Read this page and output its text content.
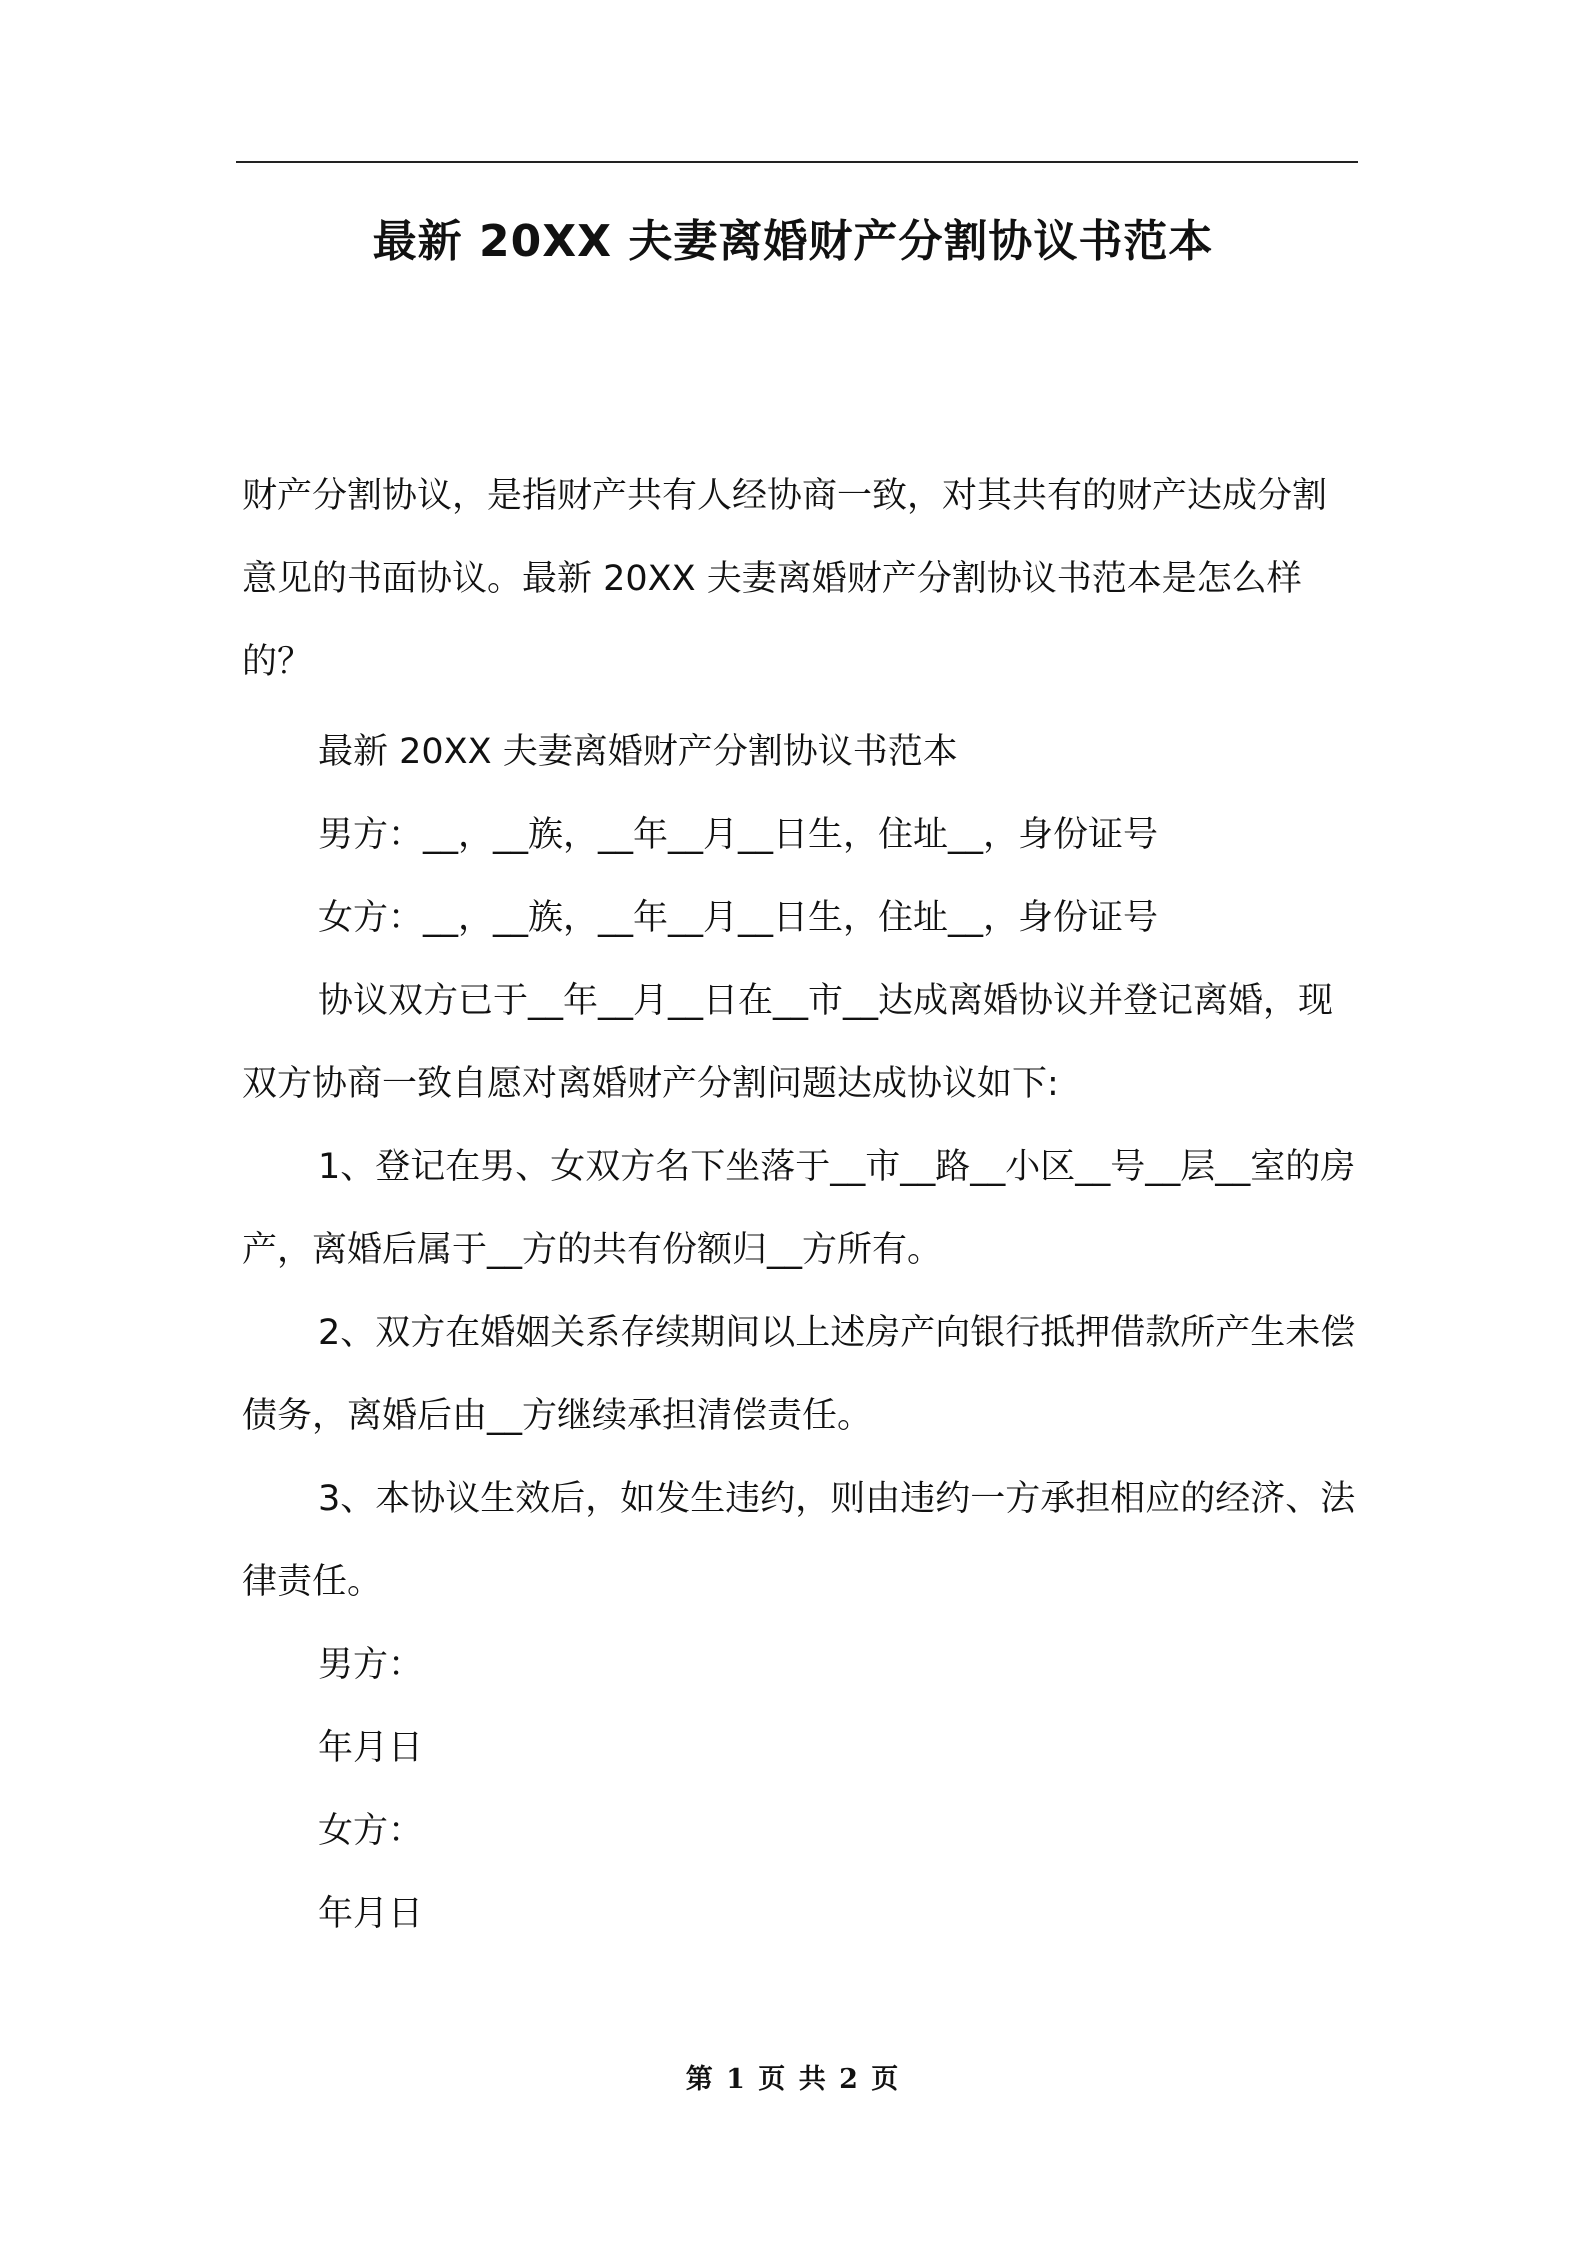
最新 20XX 夫妻离婚财产分割协议书范本

财产分割协议，是指财产共有人经协商一致，对其共有的财产达成分割意见的书面协议。最新 20XX 夫妻离婚财产分割协议书范本是怎么样的？

最新 20XX 夫妻离婚财产分割协议书范本

男方：__，__族，__年__月__日生，住址__，身份证号

女方：__，__族，__年__月__日生，住址__，身份证号

协议双方已于__年__月__日在__市__达成离婚协议并登记离婚，现双方协商一致自愿对离婚财产分割问题达成协议如下:

1、登记在男、女双方名下坐落于__市__路__小区__号__层__室的房产，离婚后属于__方的共有份额归__方所有。

2、双方在婚姻关系存续期间以上述房产向银行抵押借款所产生未偿债务，离婚后由__方继续承担清偿责任。

3、本协议生效后，如发生违约，则由违约一方承担相应的经济、法律责任。

男方：

年月日

女方：

年月日

第 1 页 共 2 页
